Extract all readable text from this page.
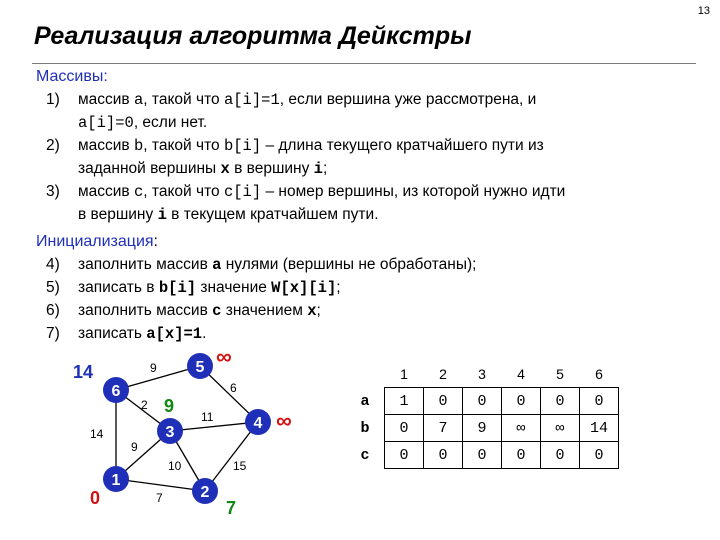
13
Реализация алгоритма Дейкстры
Массивы:
1) массив a, такой что a[i]=1, если вершина уже рассмотрена, и
a[i]=0, если нет.
2) массив b, такой что b[i] – длина текущего кратчайшего пути из
заданной вершины x в вершину i;
3) массив c, такой что c[i] – номер вершины, из которой нужно идти
в вершину i в текущем кратчайшем пути.
Инициализация:
4) заполнить массив a нулями (вершины не обработаны);
5) записать в b[i] значение W[x][i];
6) заполнить массив c значением x;
7) записать a[x]=1.
9
6
2
11
14
9
10	15
7
6
5
3
4
1
2
14
∞
9
∞
0	7
	1	2	3	4	5	6
a	1	0	0	0	0	0
b	0	7	9	∞	∞	14
c	0	0	0	0	0	0
